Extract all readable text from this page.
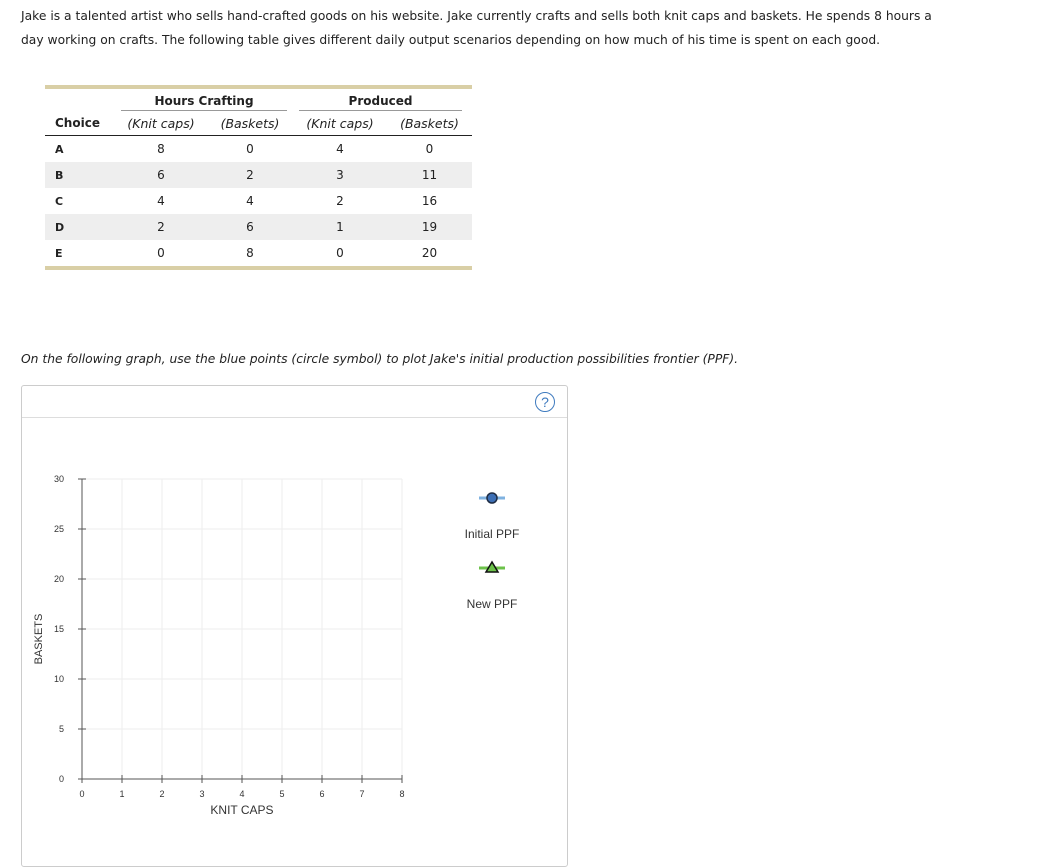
Jake is a talented artist who sells hand-crafted goods on his website. Jake currently crafts and sells both knit caps and baskets. He spends 8 hours a

day working on crafts. The following table gives different daily output scenarios depending on how much of his time is spent on each good.

	Hours Crafting		Produced	

Choice	(Knit caps)	(Baskets)	(Knit caps)	(Baskets)
A	8	0	4	0
B	6	2	3	11
C	4	4	2	16
D	2	6	1	19
E	0	8	0	20
On the following graph, use the blue points (circle symbol) to plot Jake's initial production possibilities frontier (PPF).
?
0	1	2	3	4	5	6	7	8
0
5
10
15
20
25
30
KNIT CAPS
BASKETS
Initial PPF
New PPF
